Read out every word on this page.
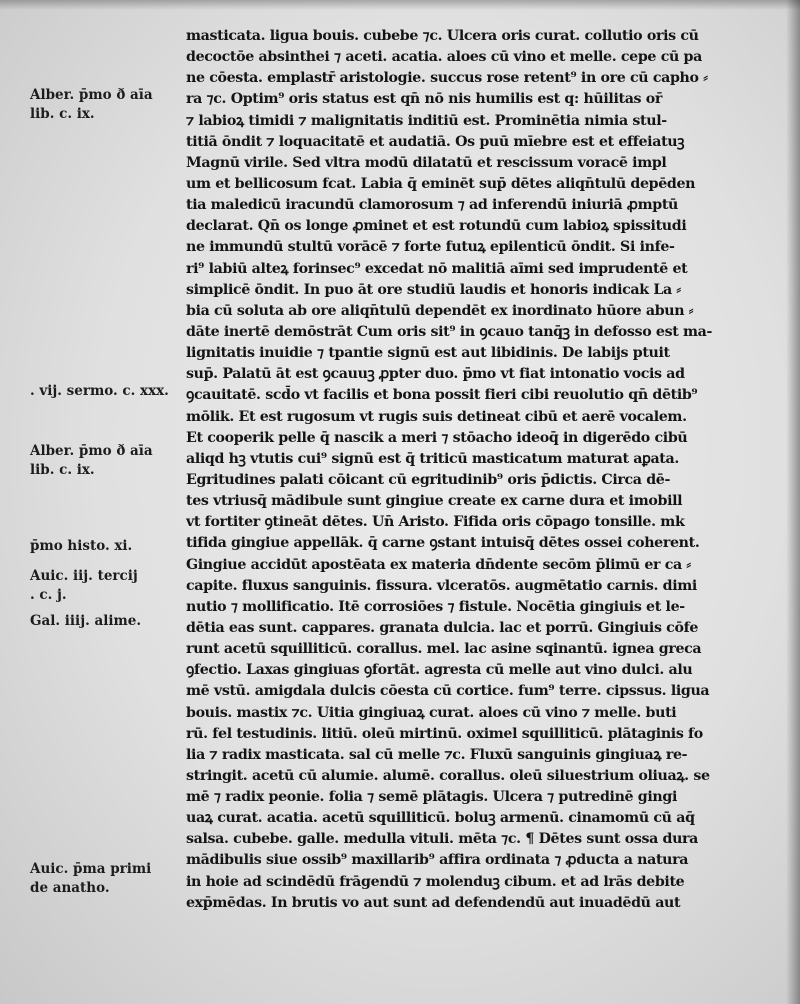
Alber. p̄mo ð aīa
lib. c. ix.
. vij. sermo. c. xxx.
Alber. p̄mo ð aīa
lib. c. ix.
p̄mo histo. xi.
Auic. iij. tercij
. c. j.
Gal. iiij. alime.
Auic. p̄ma primi
de anatho.
masticata. ligua bouis. cubebe ⁊c. Ulcera oris curat. collutio oris cū
decoctōe absinthei ⁊ aceti. acatia. aloes cū vino et melle. cepe cū pa
ne cōesta. emplastr̄ aristologie. succus rose retent⁹ in ore cū capho ⸗
ra ⁊c. Optim⁹ oris status est qn̄ nō nis humilis est q: hūilitas or̄
⁊ labioꝝ timidi ⁊ malignitatis inditiū est. Prominētia nimia stul-
titiā ōndit ⁊ loquacitatē et audatiā. Os puū mīebre est et effeiatuꝫ
Magnū virile. Sed vltra modū dilatatū et rescissum voracē impl
um et bellicosum fcat. Labia q̄ eminēt sup̄ dētes aliqn̄tulū depēden
tia maledicū iracundū clamorosum ⁊ ad inferendū iniuriā ꝓmptū
declarat. Qn̄ os longe ꝓminet et est rotundū cum labioꝝ spissitudi
ne immundū stultū vorācē ⁊ forte futuꝝ epilenticū ōndit. Si infe-
ri⁹ labiū alteꝝ forinsec⁹ excedat nō malitiā aīmi sed imprudentē et
simplicē ōndit. In puo āt ore studiū laudis et honoris indicak La ⸗
bia cū soluta ab ore aliqn̄tulū dependēt ex inordinato hūore abun ⸗
dāte inertē demōstrāt Cum oris sit⁹ in ꝯcauo tanq̄ꝫ in defosso est ma-
lignitatis inuidie ⁊ tpantie signū est aut libidinis. De labijs ptuit
sup̄. Palatū āt est ꝯcauuꝫ ꝓpter duo. p̄mo vt fiat intonatio vocis ad
ꝯcauitatē. scd̄o vt facilis et bona possit fieri cibi reuolutio qn̄ dētib⁹
mōlik. Et est rugosum vt rugis suis detineat cibū et aerē vocalem.
Et cooperik pelle q̄ nascik a meri ⁊ stōacho ideoq̄ in digerēdo cibū
aliqd hꝫ vtutis cui⁹ signū est q̄ triticū masticatum maturat aꝑata.
Egritudines palati cōicant cū egritudinib⁹ oris p̄dictis. Circa dē-
tes vtriusq̄ mādibule sunt gingiue create ex carne dura et imobill
vt fortiter ꝯtineāt dētes. Un̄ Aristo. Fifida oris cōpago tonsille. mk
tifida gingiue appellāk. q̄ carne ꝯstant intuisq̄ dētes ossei coherent.
Gingiue accidūt apostēata ex materia dn̄dente secōm p̄limū er ca ⸗
capite. fluxus sanguinis. fissura. vlceratōs. augmētatio carnis. dimi
nutio ⁊ mollificatio. Itē corrosiōes ⁊ fistule. Nocētia gingiuis et le-
dētia eas sunt. cappares. granata dulcia. lac et porrū. Gingiuis cōfe
runt acetū squilliticū. corallus. mel. lac asine sqinantū. ignea greca
ꝯfectio. Laxas gingiuas ꝯfortāt. agresta cū melle aut vino dulci. alu
mē vstū. amigdala dulcis cōesta cū cortice. fum⁹ terre. cipssus. ligua
bouis. mastix ⁊c. Uitia gingiuaꝝ curat. aloes cū vino ⁊ melle. buti
rū. fel testudinis. litiū. oleū mirtinū. oximel squilliticū. plātaginis fo
lia ⁊ radix masticata. sal cū melle ⁊c. Fluxū sanguinis gingiuaꝝ re-
stringit. acetū cū alumie. alumē. corallus. oleū siluestrium oliuaꝝ. se
mē ⁊ radix peonie. folia ⁊ semē plātagis. Ulcera ⁊ putredinē gingi
uaꝝ curat. acatia. acetū squilliticū. boluꝫ armenū. cinamomū cū aq̄
salsa. cubebe. galle. medulla vituli. mēta ⁊c. ¶ Dētes sunt ossa dura
mādibulis siue ossib⁹ maxillarib⁹ affira ordinata ⁊ ꝓducta a natura
in hoie ad scindēdū frāgendū ⁊ molenduꝫ cibum. et ad lrās debite
exp̄mēdas. In brutis vo aut sunt ad defendendū aut inuadēdū aut
